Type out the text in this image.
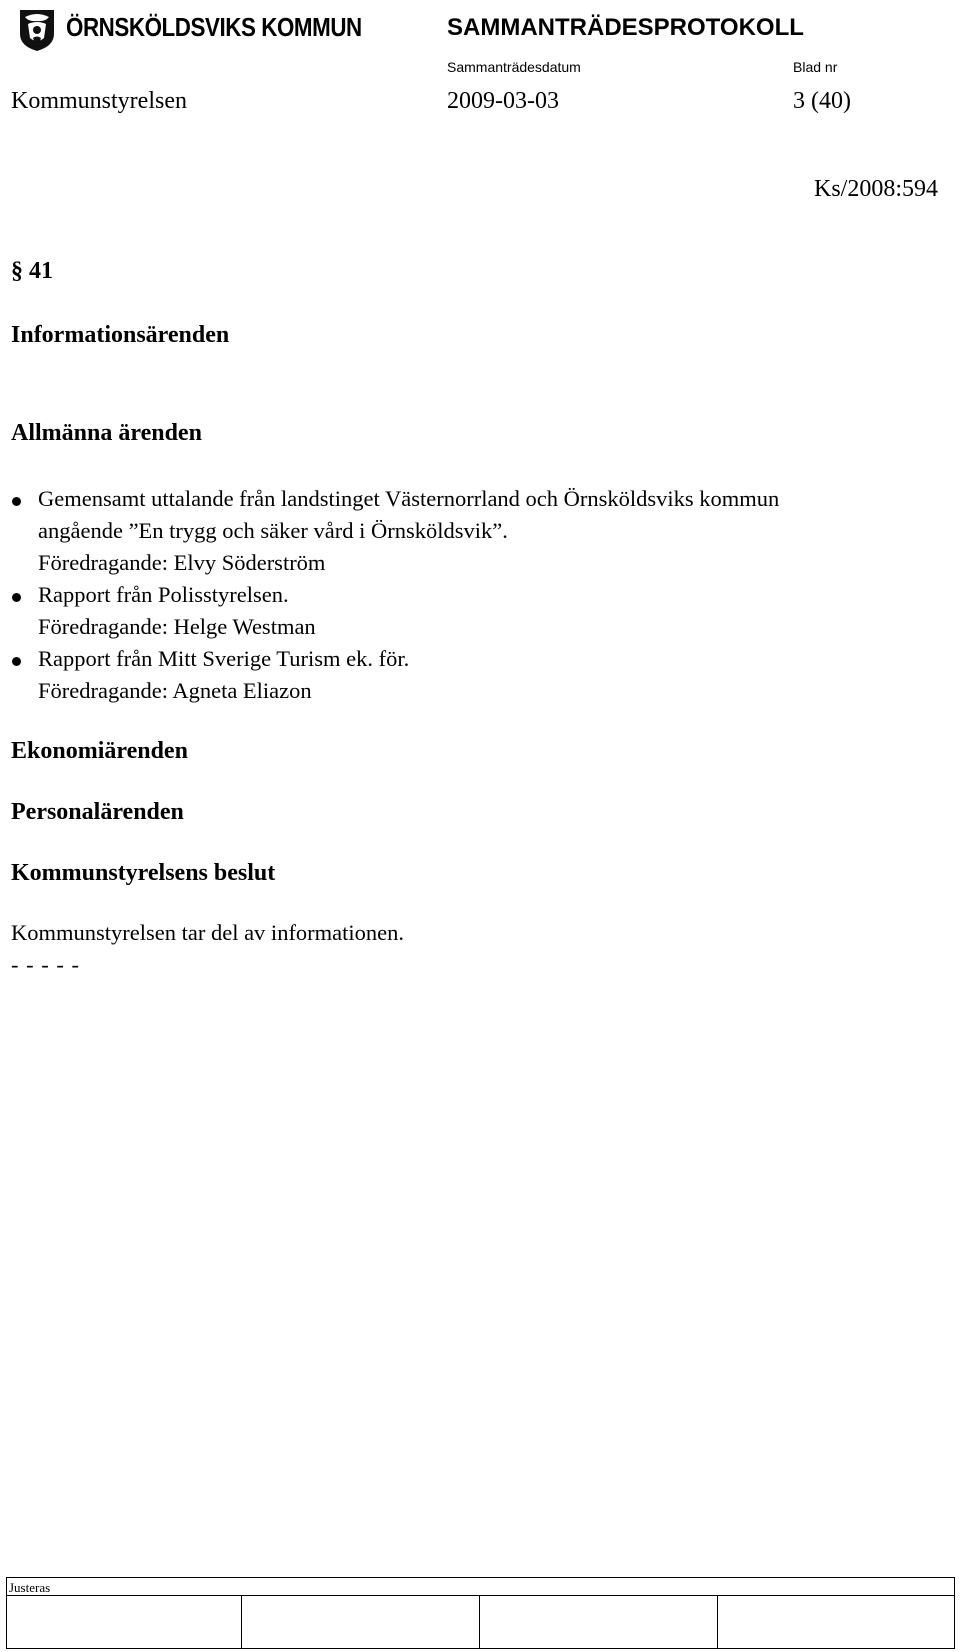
ÖRNSKÖLDSVIKS KOMMUN	SAMMANTRÄDESPROTOKOLL
Sammanträdesdatum	Blad nr
Kommunstyrelsen	2009-03-03	3 (40)
Ks/2008:594
§ 41
Informationsärenden
Allmänna ärenden
Gemensamt uttalande från landstinget Västernorrland och Örnsköldsviks kommun
angående ”En trygg och säker vård i Örnsköldsvik”.
Föredragande: Elvy Söderström
Rapport från Polisstyrelsen.
Föredragande: Helge Westman
Rapport från Mitt Sverige Turism ek. för.
Föredragande: Agneta Eliazon
Ekonomiärenden
Personalärenden
Kommunstyrelsens beslut
Kommunstyrelsen tar del av informationen.
- - - - -
Justeras
